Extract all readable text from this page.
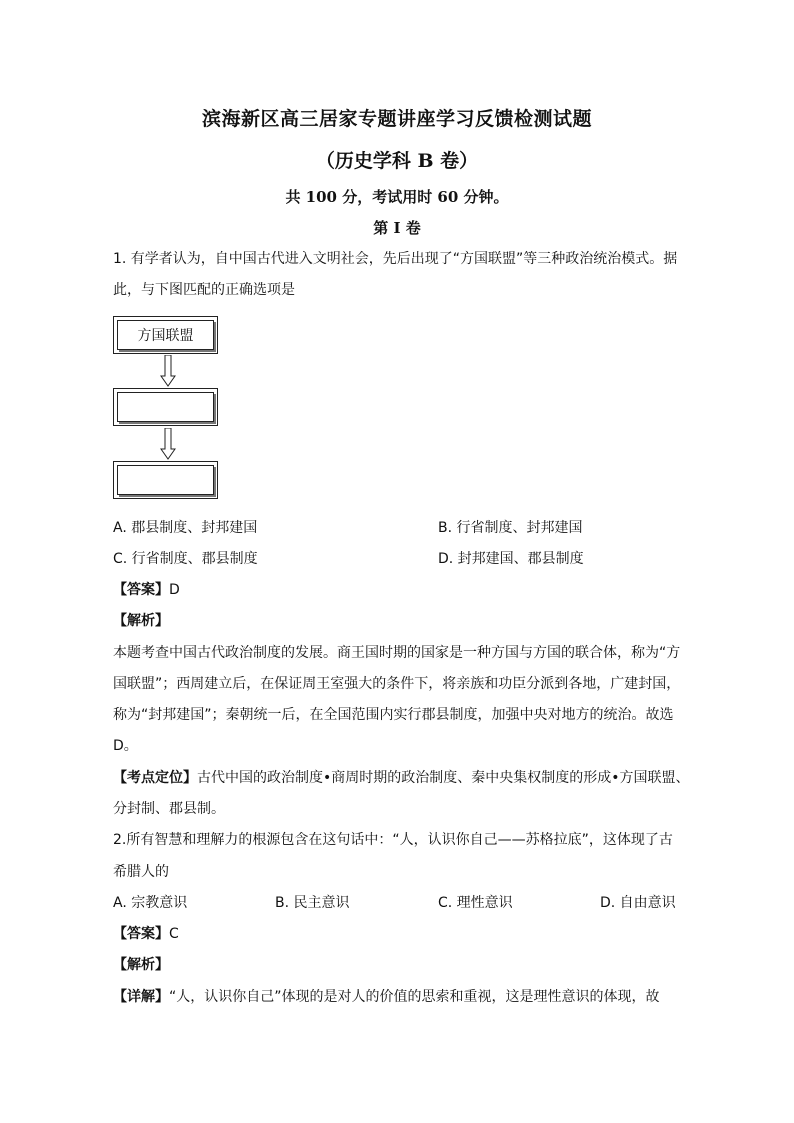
滨海新区高三居家专题讲座学习反馈检测试题
（历史学科 B 卷）
共 100 分，考试用时 60 分钟。
第 I 卷
1. 有学者认为，自中国古代进入文明社会，先后出现了“方国联盟”等三种政治统治模式。据
此，与下图匹配的正确选项是
方国联盟
A. 郡县制度、封邦建国	B. 行省制度、封邦建国
C. 行省制度、郡县制度	D. 封邦建国、郡县制度
【答案】D
【解析】
本题考查中国古代政治制度的发展。商王国时期的国家是一种方国与方国的联合体，称为“方
国联盟”；西周建立后，在保证周王室强大的条件下，将亲族和功臣分派到各地，广建封国，
称为“封邦建国”；秦朝统一后，在全国范围内实行郡县制度，加强中央对地方的统治。故选
D。
【考点定位】古代中国的政治制度•商周时期的政治制度、秦中央集权制度的形成•方国联盟、
分封制、郡县制。
2.所有智慧和理解力的根源包含在这句话中：“人，认识你自己——苏格拉底”，这体现了古
希腊人的
A. 宗教意识	B. 民主意识	C. 理性意识	D. 自由意识
【答案】C
【解析】
【详解】“人，认识你自己”体现的是对人的价值的思索和重视，这是理性意识的体现，故
